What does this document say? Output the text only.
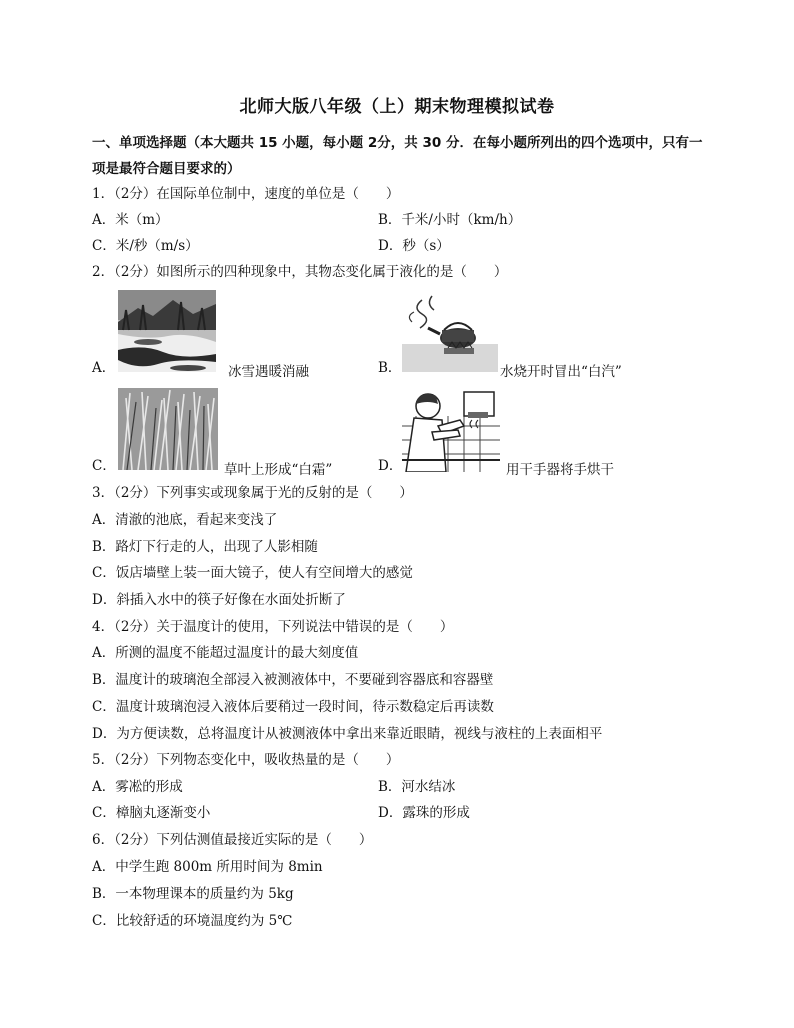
北师大版八年级（上）期末物理模拟试卷
一、单项选择题（本大题共 15 小题，每小题 2分，共 30 分．在每小题所列出的四个选项中，只有一项是最符合题目要求的）
1．（2分）在国际单位制中，速度的单位是（　　）
A．米（m）	B．千米/小时（km/h）
C．米/秒（m/s）	D．秒（s）
2．（2分）如图所示的四种现象中，其物态变化属于液化的是（　　）
A．	冰雪遇暖消融	B．	水烧开时冒出“白汽”
C．	草叶上形成“白霜”	D．	用干手器将手烘干
3．（2分）下列事实或现象属于光的反射的是（　　）
A．清澈的池底，看起来变浅了
B．路灯下行走的人，出现了人影相随
C．饭店墙壁上装一面大镜子，使人有空间增大的感觉
D．斜插入水中的筷子好像在水面处折断了
4．（2分）关于温度计的使用，下列说法中错误的是（　　）
A．所测的温度不能超过温度计的最大刻度值
B．温度计的玻璃泡全部浸入被测液体中，不要碰到容器底和容器壁
C．温度计玻璃泡浸入液体后要稍过一段时间，待示数稳定后再读数
D．为方便读数，总将温度计从被测液体中拿出来靠近眼睛，视线与液柱的上表面相平
5．（2分）下列物态变化中，吸收热量的是（　　）
A．雾凇的形成	B．河水结冰
C．樟脑丸逐渐变小	D．露珠的形成
6．（2分）下列估测值最接近实际的是（　　）
A．中学生跑 800m 所用时间为 8min
B．一本物理课本的质量约为 5kg
C．比较舒适的环境温度约为 5℃
